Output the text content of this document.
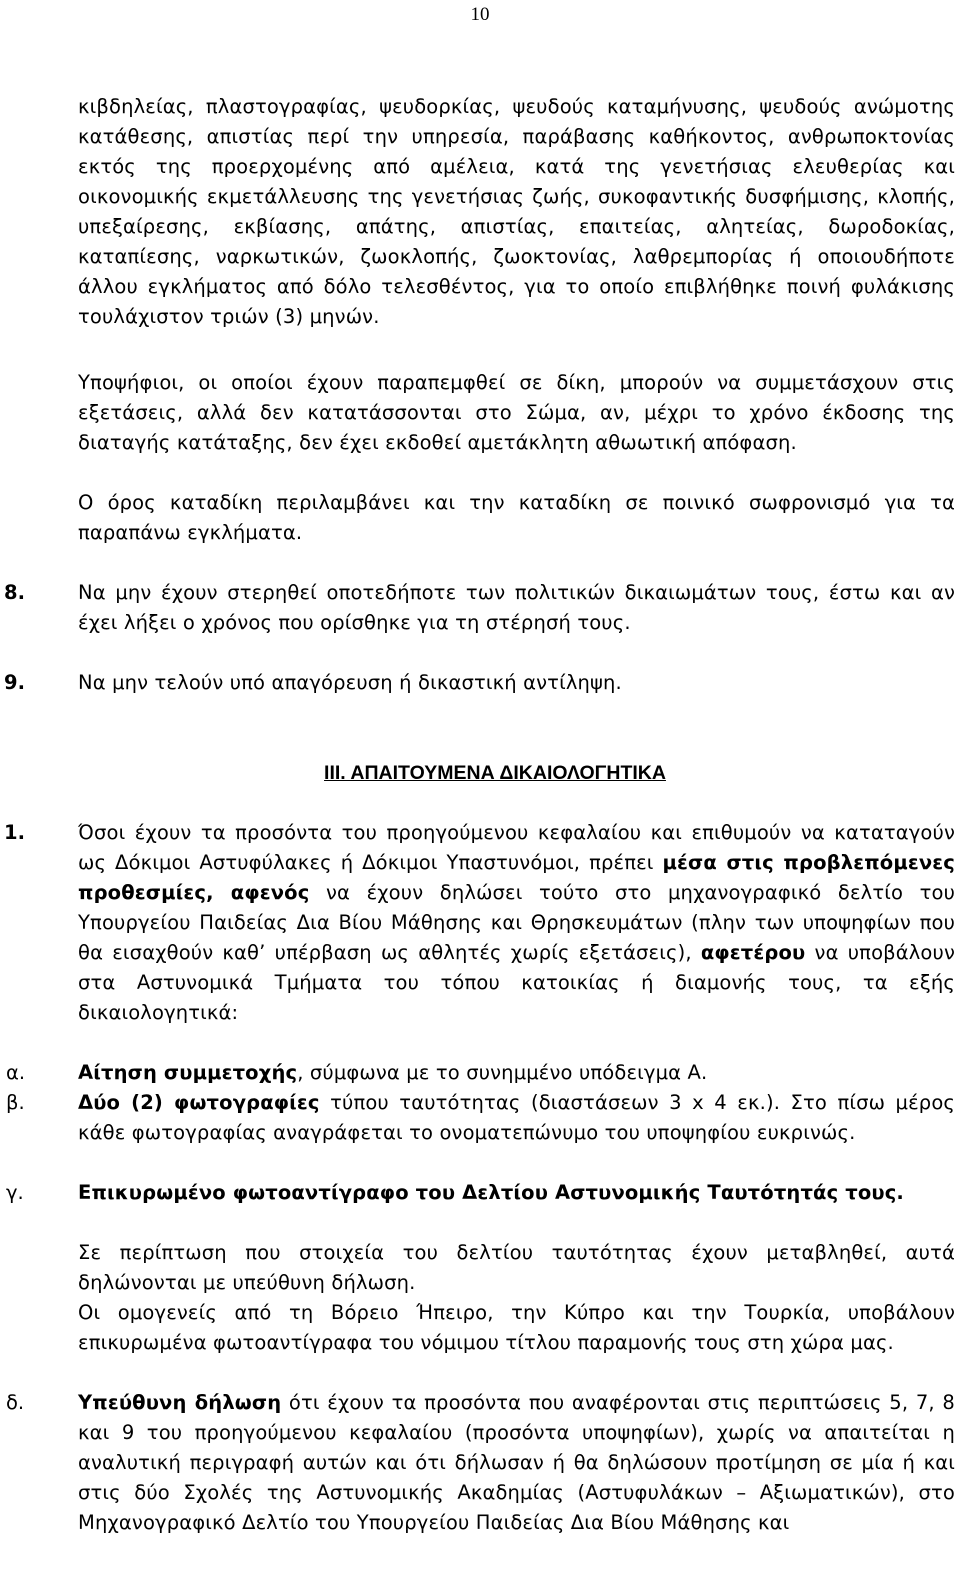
10

κιβδηλείας, πλαστογραφίας, ψευδορκίας, ψευδούς καταμήνυσης, ψευδούς ανώμοτης κατάθεσης, απιστίας περί την υπηρεσία, παράβασης καθήκοντος, ανθρωποκτονίας εκτός της προερχομένης από αμέλεια, κατά της γενετήσιας ελευθερίας και οικονομικής εκμετάλλευσης της γενετήσιας ζωής, συκοφαντικής δυσφήμισης, κλοπής, υπεξαίρεσης, εκβίασης, απάτης, απιστίας, επαιτείας, αλητείας, δωροδοκίας, καταπίεσης, ναρκωτικών, ζωοκλοπής, ζωοκτονίας, λαθρεμπορίας ή οποιουδήποτε άλλου εγκλήματος από δόλο τελεσθέντος, για το οποίο επιβλήθηκε ποινή φυλάκισης τουλάχιστον τριών (3) μηνών.

Υποψήφιοι, οι οποίοι έχουν παραπεμφθεί σε δίκη, μπορούν να συμμετάσχουν στις εξετάσεις, αλλά δεν κατατάσσονται στο Σώμα, αν, μέχρι το χρόνο έκδοσης της διαταγής κατάταξης, δεν έχει εκδοθεί αμετάκλητη αθωωτική απόφαση.

Ο όρος καταδίκη περιλαμβάνει και την καταδίκη σε ποινικό σωφρονισμό για τα παραπάνω εγκλήματα.

8.	Να μην έχουν στερηθεί οποτεδήποτε των πολιτικών δικαιωμάτων τους, έστω και αν έχει λήξει ο χρόνος που ορίσθηκε για τη στέρησή τους.

9.	Να μην τελούν υπό απαγόρευση ή δικαστική αντίληψη.

ΙΙΙ. ΑΠΑΙΤΟΥΜΕΝΑ ΔΙΚΑΙΟΛΟΓΗΤΙΚΑ

1.	Όσοι έχουν τα προσόντα του προηγούμενου κεφαλαίου και επιθυμούν να καταταγούν ως Δόκιμοι Αστυφύλακες ή Δόκιμοι Υπαστυνόμοι, πρέπει μέσα στις προβλεπόμενες προθεσμίες, αφενός να έχουν δηλώσει τούτο στο μηχανογραφικό δελτίο του Υπουργείου Παιδείας Δια Βίου Μάθησης και Θρησκευμάτων (πλην των υποψηφίων που θα εισαχθούν καθ’ υπέρβαση ως αθλητές χωρίς εξετάσεις), αφετέρου να υποβάλουν στα Αστυνομικά Τμήματα του τόπου κατοικίας ή διαμονής τους, τα εξής δικαιολογητικά:

α.	Αίτηση συμμετοχής, σύμφωνα με το συνημμένο υπόδειγμα Α.

β.	Δύο (2) φωτογραφίες τύπου ταυτότητας (διαστάσεων 3 x 4 εκ.). Στο πίσω μέρος κάθε φωτογραφίας αναγράφεται το ονοματεπώνυμο του υποψηφίου ευκρινώς.

γ.	Επικυρωμένο φωτοαντίγραφο του Δελτίου Αστυνομικής Ταυτότητάς τους.

Σε περίπτωση που στοιχεία του δελτίου ταυτότητας έχουν μεταβληθεί, αυτά δηλώνονται με υπεύθυνη δήλωση.

Οι ομογενείς από τη Βόρειο Ήπειρο, την Κύπρο και την Τουρκία, υποβάλουν επικυρωμένα φωτοαντίγραφα του νόμιμου τίτλου παραμονής τους στη χώρα μας.

δ.	Υπεύθυνη δήλωση ότι έχουν τα προσόντα που αναφέρονται στις περιπτώσεις 5, 7, 8 και 9 του προηγούμενου κεφαλαίου (προσόντα υποψηφίων), χωρίς να απαιτείται η αναλυτική περιγραφή αυτών και ότι δήλωσαν ή θα δηλώσουν προτίμηση σε μία ή και στις δύο Σχολές της Αστυνομικής Ακαδημίας (Αστυφυλάκων – Αξιωματικών), στο Μηχανογραφικό Δελτίο του Υπουργείου Παιδείας Δια Βίου Μάθησης και
